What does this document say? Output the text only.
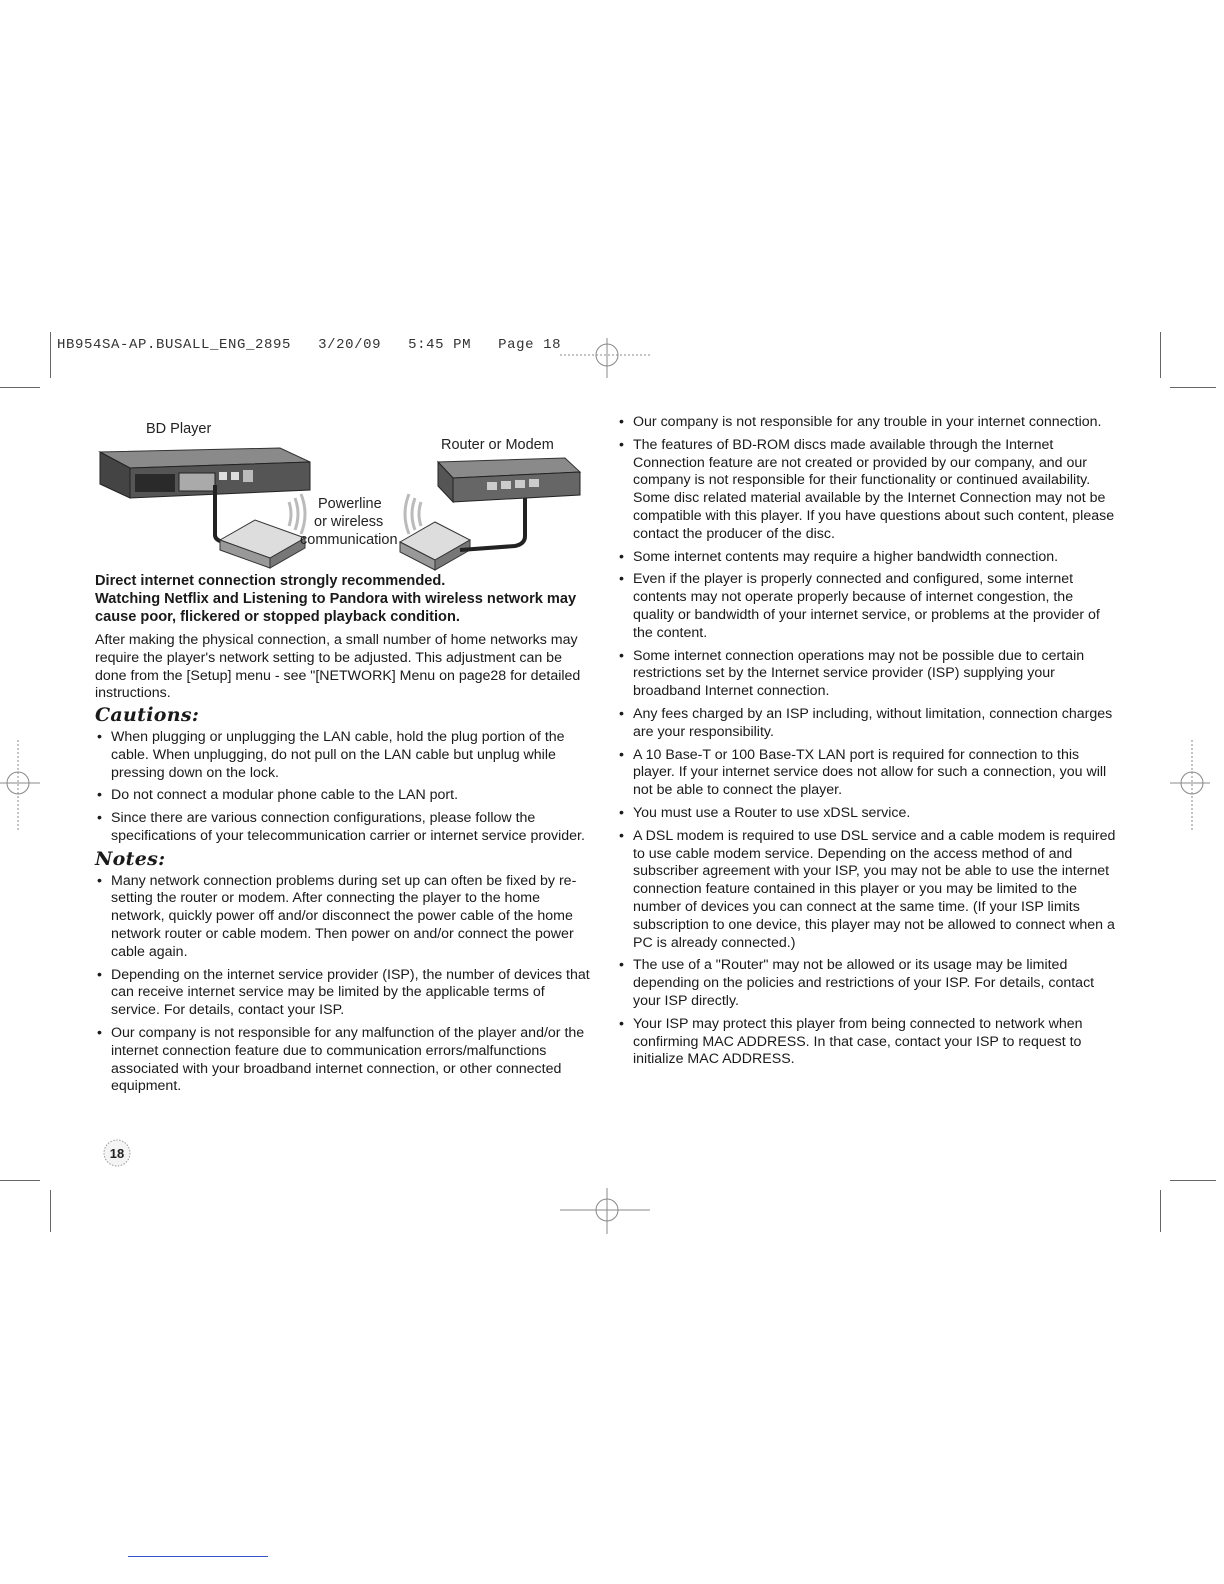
HB954SA-AP.BUSALL_ENG_2895 3/20/09 5:45 PM Page 18
BD Player
Router or Modem
Powerline
or wireless
communication
Direct internet connection strongly recommended.
Watching Netflix and Listening to Pandora with wireless network may cause poor, flickered or stopped playback condition.
After making the physical connection, a small number of home networks may require the player's network setting to be adjusted. This adjustment can be done from the [Setup] menu - see "[NETWORK] Menu on page28 for detailed instructions.
Cautions:
• When plugging or unplugging the LAN cable, hold the plug portion of the cable. When unplugging, do not pull on the LAN cable but unplug while pressing down on the lock.
• Do not connect a modular phone cable to the LAN port.
• Since there are various connection configurations, please follow the specifications of your telecommunication carrier or internet service provider.
Notes:
• Many network connection problems during set up can often be fixed by re-setting the router or modem. After connecting the player to the home network, quickly power off and/or disconnect the power cable of the home network router or cable modem. Then power on and/or connect the power cable again.
• Depending on the internet service provider (ISP), the number of devices that can receive internet service may be limited by the applicable terms of service. For details, contact your ISP.
• Our company is not responsible for any malfunction of the player and/or the internet connection feature due to communication errors/malfunctions associated with your broadband internet connection, or other connected equipment.
• Our company is not responsible for any trouble in your internet connection.
• The features of BD-ROM discs made available through the Internet Connection feature are not created or provided by our company, and our company is not responsible for their functionality or continued availability. Some disc related material available by the Internet Connection may not be compatible with this player. If you have questions about such content, please contact the producer of the disc.
• Some internet contents may require a higher bandwidth connection.
• Even if the player is properly connected and configured, some internet contents may not operate properly because of internet congestion, the quality or bandwidth of your internet service, or problems at the provider of the content.
• Some internet connection operations may not be possible due to certain restrictions set by the Internet service provider (ISP) supplying your broadband Internet connection.
• Any fees charged by an ISP including, without limitation, connection charges are your responsibility.
• A 10 Base-T or 100 Base-TX LAN port is required for connection to this player. If your internet service does not allow for such a connection, you will not be able to connect the player.
• You must use a Router to use xDSL service.
• A DSL modem is required to use DSL service and a cable modem is required to use cable modem service. Depending on the access method of and subscriber agreement with your ISP, you may not be able to use the internet connection feature contained in this player or you may be limited to the number of devices you can connect at the same time. (If your ISP limits subscription to one device, this player may not be allowed to connect when a PC is already connected.)
• The use of a "Router" may not be allowed or its usage may be limited depending on the policies and restrictions of your ISP. For details, contact your ISP directly.
• Your ISP may protect this player from being connected to network when confirming MAC ADDRESS. In that case, contact your ISP to request to initialize MAC ADDRESS.
18
